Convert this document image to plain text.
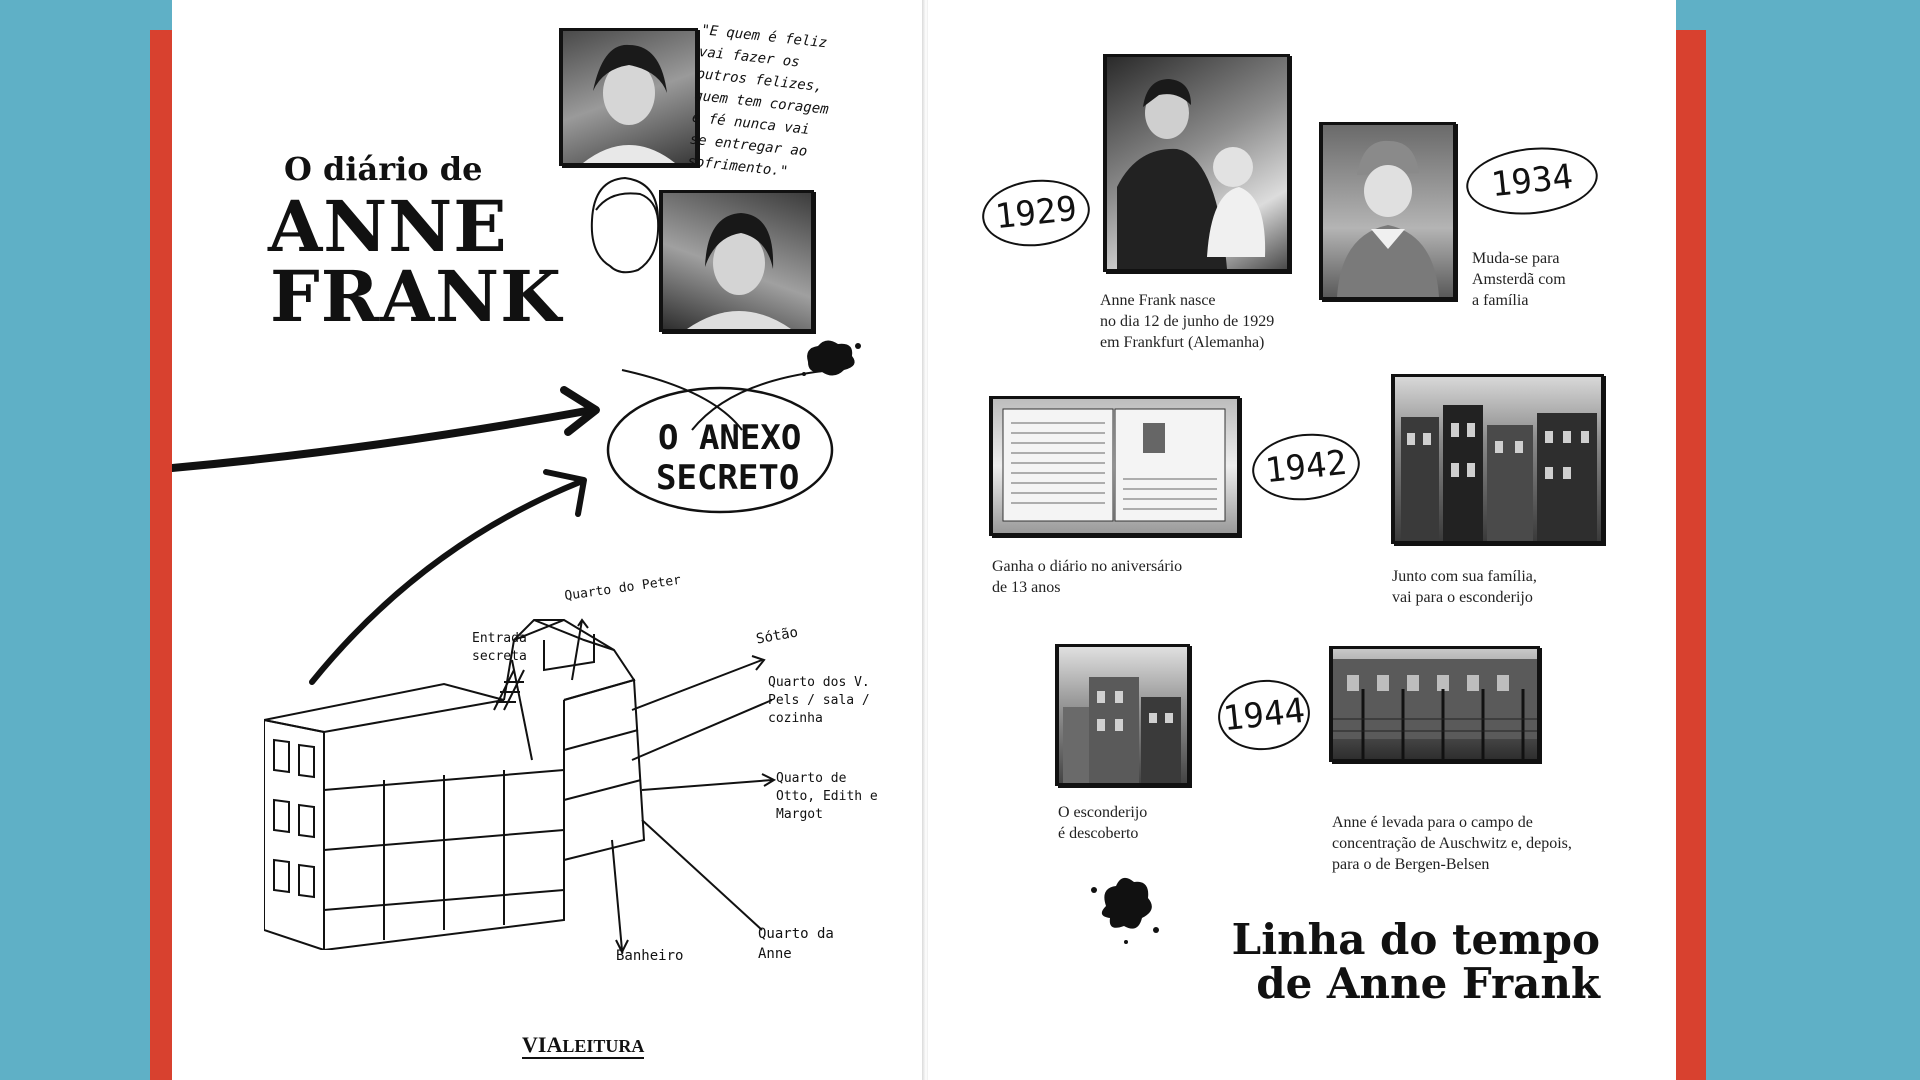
"E quem é feliz vai fazer os outros felizes, quem tem coragem e fé nunca vai se entregar ao sofrimento."
O diário de
ANNE
FRANK
O ANEXO
SECRETO
Quarto do Peter
Entrada secreta
Sótão
Quarto dos V. Pels / sala / cozinha
Quarto de Otto, Edith e Margot
Banheiro
Quarto da Anne
VIALEITURA
1929
Anne Frank nasce
no dia 12 de junho de 1929
em Frankfurt (Alemanha)
1934
Muda-se para
Amsterdã com
a família
1942
Ganha o diário no aniversário
de 13 anos
Junto com sua família,
vai para o esconderijo
1944
O esconderijo
é descoberto
Anne é levada para o campo de
concentração de Auschwitz e, depois,
para o de Bergen-Belsen
Linha do tempo
de Anne Frank
